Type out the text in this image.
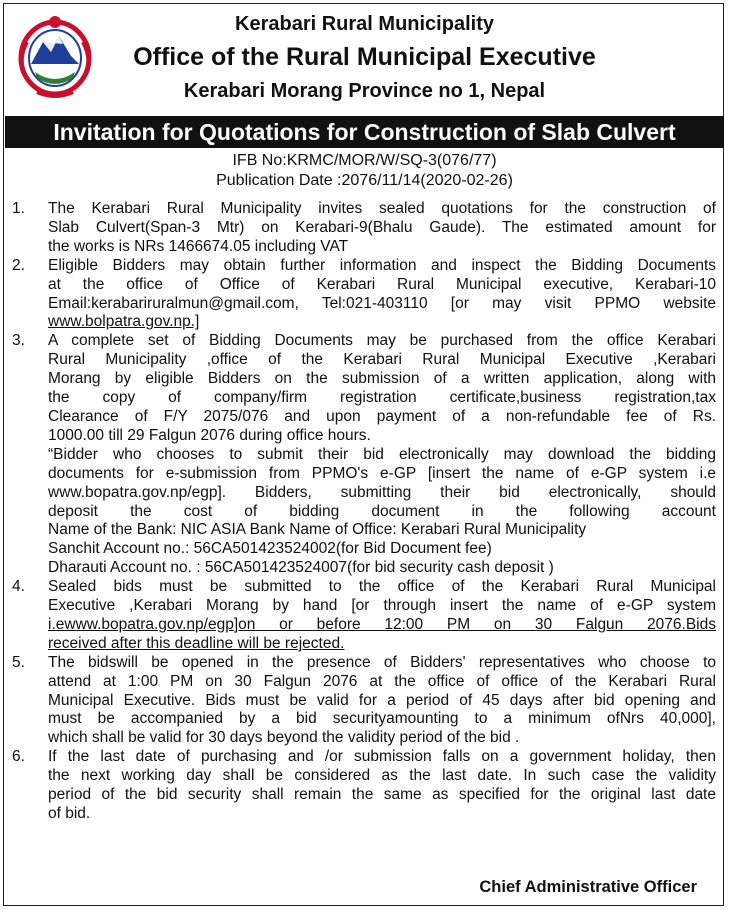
Kerabari Rural Municipality
Office of the Rural Municipal Executive
Kerabari Morang Province no 1, Nepal
Invitation for Quotations for Construction of Slab Culvert
IFB No:KRMC/MOR/W/SQ-3(076/77)
Publication Date :2076/11/14(2020-02-26)
1.	The Kerabari Rural Municipality invites sealed quotations for the construction of
Slab Culvert(Span-3 Mtr) on Kerabari-9(Bhalu Gaude). The estimated amount for
the works is NRs 1466674.05 including VAT
2.	Eligible Bidders may obtain further information and inspect the Bidding Documents
at the office of Office of Kerabari Rural Municipal executive, Kerabari-10
Email:kerabariruralmun@gmail.com, Tel:021-403110 [or may visit PPMO website
www.bolpatra.gov.np.]
3.	A complete set of Bidding Documents may be purchased from the office Kerabari
Rural Municipality ,office of the Kerabari Rural Municipal Executive ,Kerabari
Morang by eligible Bidders on the submission of a written application, along with
the copy of company/firm registration certificate,business registration,tax
Clearance of F/Y 2075/076 and upon payment of a non-refundable fee of Rs.
1000.00 till 29 Falgun 2076 during office hours.
“Bidder who chooses to submit their bid electronically may download the bidding
documents for e-submission from PPMO's e-GP [insert the name of e-GP system i.e
www.bopatra.gov.np/egp]. Bidders, submitting their bid electronically, should
deposit the cost of bidding document in the following account
Name of the Bank: NIC ASIA Bank Name of Office: Kerabari Rural Municipality
Sanchit Account no.: 56CA501423524002(for Bid Document fee)
Dharauti Account no. : 56CA501423524007(for bid security cash deposit )
4.	Sealed bids must be submitted to the office of the Kerabari Rural Municipal
Executive ,Kerabari Morang by hand [or through insert the name of e-GP system
i.ewww.bopatra.gov.np/egp]on or before 12:00 PM on 30 Falgun 2076.Bids
received after this deadline will be rejected.
5.	The bidswill be opened in the presence of Bidders' representatives who choose to
attend at 1:00 PM on 30 Falgun 2076 at the office of office of the Kerabari Rural
Municipal Executive. Bids must be valid for a period of 45 days after bid opening and
must be accompanied by a bid securityamounting to a minimum ofNrs 40,000],
which shall be valid for 30 days beyond the validity period of the bid .
6.	If the last date of purchasing and /or submission falls on a government holiday, then
the next working day shall be considered as the last date. In such case the validity
period of the bid security shall remain the same as specified for the original last date
of bid.
Chief Administrative Officer
